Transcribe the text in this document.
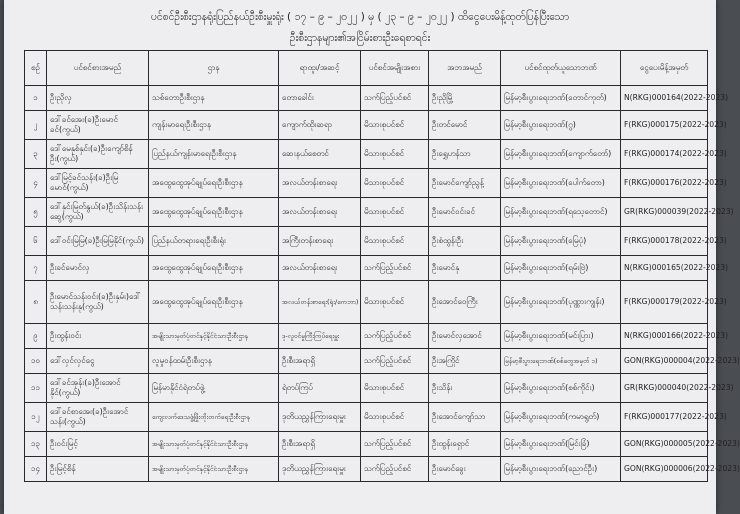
ပင်စင်ဦးစီးဌာနရုံးပြည်နယ်ဦးစီးမှူးရုံး ( ၁၇ – ၉ – ၂၀၂၂ ) မှ ( ၂၃ – ၉ – ၂၀၂၂ ) ထိငွေပေးမိန့်ထုတ်ပြန်ပြီးသော
ဦးစီးဌာနများ၏အငြိမ်းစားဦးရေစာရင်း
စဉ်	ပင်စင်စားအမည်	ဌာန	ရာထူး/အဆင့်	ပင်စင်အမျိုးအစား	အဘအမည်	ပင်စင်ထုတ်ယူသောဘဏ်	ငွေပေးမိန့်အမှတ်
၁	ဦးညိုလှ	သစ်တောဦးစီးဌာန	တောခေါင်း	သက်ပြည့်ပင်စင်	ဦးညိုမြို့	မြန်မာ့စီးပွားရေးဘဏ်(တောင်ကုတ်)	N(RKG)000164(2022-2023)
၂	ဒေါ်ခင်အေး(ခ)ဦးမောင်ခင်(ကွယ်)	ကျန်းမာရေးဦးစီးဌာန	ကျောက်ထိုးဆရာ	မိသားစုပင်စင်	ဦးတင်မောင်	မြန်မာ့စီးပွားရေးဘဏ်(ဂွ)	F(RKG)000175(2022-2023)
၃	ဒေါ်မေနှစ်နှင်း(ခ)ဦးကျော်စိန်ဦး(ကွယ်)	ပြည်နယ်ကျန်းမာရေးဦးစီးဌာန	ဆေးနယ်စေတင်	မိသားစုပင်စင်	ဦးရွှေဟန်သာ	မြန်မာ့စီးပွားရေးဘဏ်(ကျောက်တော်)	F(RKG)000174(2022-2023)
၄	ဒေါ်မြင့်ခင်သန်း(ခ)ဦးမြမောင်(ကွယ်)	အထွေထွေအုပ်ချုပ်ရေးဦးစီးဌာန	အလယ်တန်းစာရေး	မိသားစုပင်စင်	ဦးမောင်ကျော်ညွန့်	မြန်မာ့စီးပွားရေးဘဏ်(ပေါက်တော)	F(RKG)000176(2022-2023)
၅	ဒေါ်နှင်းမြတ်နွယ်(ခ)ဦးသိန်းသန်းဆွေ(ကွယ်)	အထွေထွေအုပ်ချုပ်ရေးဦးစီးဌာန	အလယ်တန်းစာရေး	မိသားစုပင်စင်	ဦးမောင်ဝင်းခင်	မြန်မာ့စီးပွားရေးဘဏ်(ရသေ့တောင်)	GR(RKG)000039(2022-2023)
၆	ဒေါ်ဝင်းမြမြ(ခ)ဦးမြမြနိုင်(ကွယ်)	ပြည်နယ်တရားရေးဦးစီးရုံး	အကြီးတန်းစာရေး	မိသားစုပင်စင်	ဦးစံထွန်းဦး	မြန်မာ့စီးပွားရေးဘဏ်(မြေပုံ)	F(RKG)000178(2022-2023)
၇	ဦးခင်မောင်လှ	အထွေထွေအုပ်ချုပ်ရေးဦးစီးဌာန	အလယ်တန်းစာရေး	သက်ပြည့်ပင်စင်	ဦးမောင်နု	မြန်မာ့စီးပွားရေးဘဏ်(ရမ်းဗြဲ)	N(RKG)000165(2022-2023)
၈	ဦးမောင်သန်းဝင်း(ခ)ဦးနှမ်း)ဒေါ်သန်းသန်းနု(ကွယ်)	အထွေထွေအုပ်ချုပ်ရေးဦးစီးဌာန	အလယ်တန်းစာရေး(ရုံး/ကေဘာ)	မိသားစုပင်စင်	ဦးအောင်ဝေကြီး	မြန်မာ့စီးပွားရေးဘဏ်(ပုဏ္ဏားကျွန်း)	F(RKG)000179(2022-2023)
၉	ဦးထွန်းဝင်း	အမျိုးသားမှတ်ပုံတင်နှင့်နိုင်ငံသားဦးစီးဌာန	ဒု-လူဝင်မှုကြီးကြပ်ရေးမှူး	သက်ပြည့်ပင်စင်	ဦးမောင်လှအောင်	မြန်မာ့စီးပွားရေးဘဏ်(မင်းပြား)	N(RKG)000166(2022-2023)
၁၀	ဒေါ်လှင်လှင်ငွေ	လူမှုဝန်ထမ်းဦးစီးဌာန	ဦးစီးအရာရှိ	သက်ပြည့်ပင်စင်	ဦးအကြိုင်	မြန်မာ့စီးပွားရေးဘဏ်(စစ်တွေအမှတ် ၁)	GON(RKG)000004(2022-2023)
၁၁	ဒေါ်ခင်အုန်း(ခ)ဦးအောင်နိုင်(ကွယ်)	မြန်မာနိုင်ငံရဲတပ်ဖွဲ့	ရဲတပ်ကြပ်	မိသားစုပင်စင်	ဦးသိန်း	မြန်မာ့စီးပွားရေးဘဏ်(စစ်ကိုင်း)	GR(RKG)000040(2022-2023)
၁၂	ဒေါ်ခင်စာအေး(ခ)ဦးအောင်သန်း(ကွယ်)	ကျေးလက်ဒေသဖွံ့ဖြိုးတိုးတက်ရေးဦးစီးဌာန	ဒုတိယညွှန်ကြားရေးမှူး	မိသားစုပင်စင်	ဦးအောင်ကျော်သာ	မြန်မာ့စီးပွားရေးဘဏ်(ကမာရွတ်)	F(RKG)000177(2022-2023)
၁၃	ဦးဝင်းမြင့်	အမျိုးသားမှတ်ပုံတင်နှင့်နိုင်ငံသားဦးစီးဌာန	ဦးစီးအရာရှိ	သက်ပြည့်ပင်စင်	ဦးထွန်းရှောင်	မြန်မာ့စီးပွားရေးဘဏ်(မြင်းခြံ)	GON(RKG)000005(2022-2023)
၁၄	ဦးမြင့်စိန်	အမျိုးသားမှတ်ပုံတင်နှင့်နိုင်ငံသားဦးစီးဌာန	ဒုတိယညွှန်ကြားရေးမှူး	သက်ပြည့်ပင်စင်	ဦးမောင်ခွေး	မြန်မာ့စီးပွားရေးဘဏ်(ညောင်ဦး)	GON(RKG)000006(2022-2023)
